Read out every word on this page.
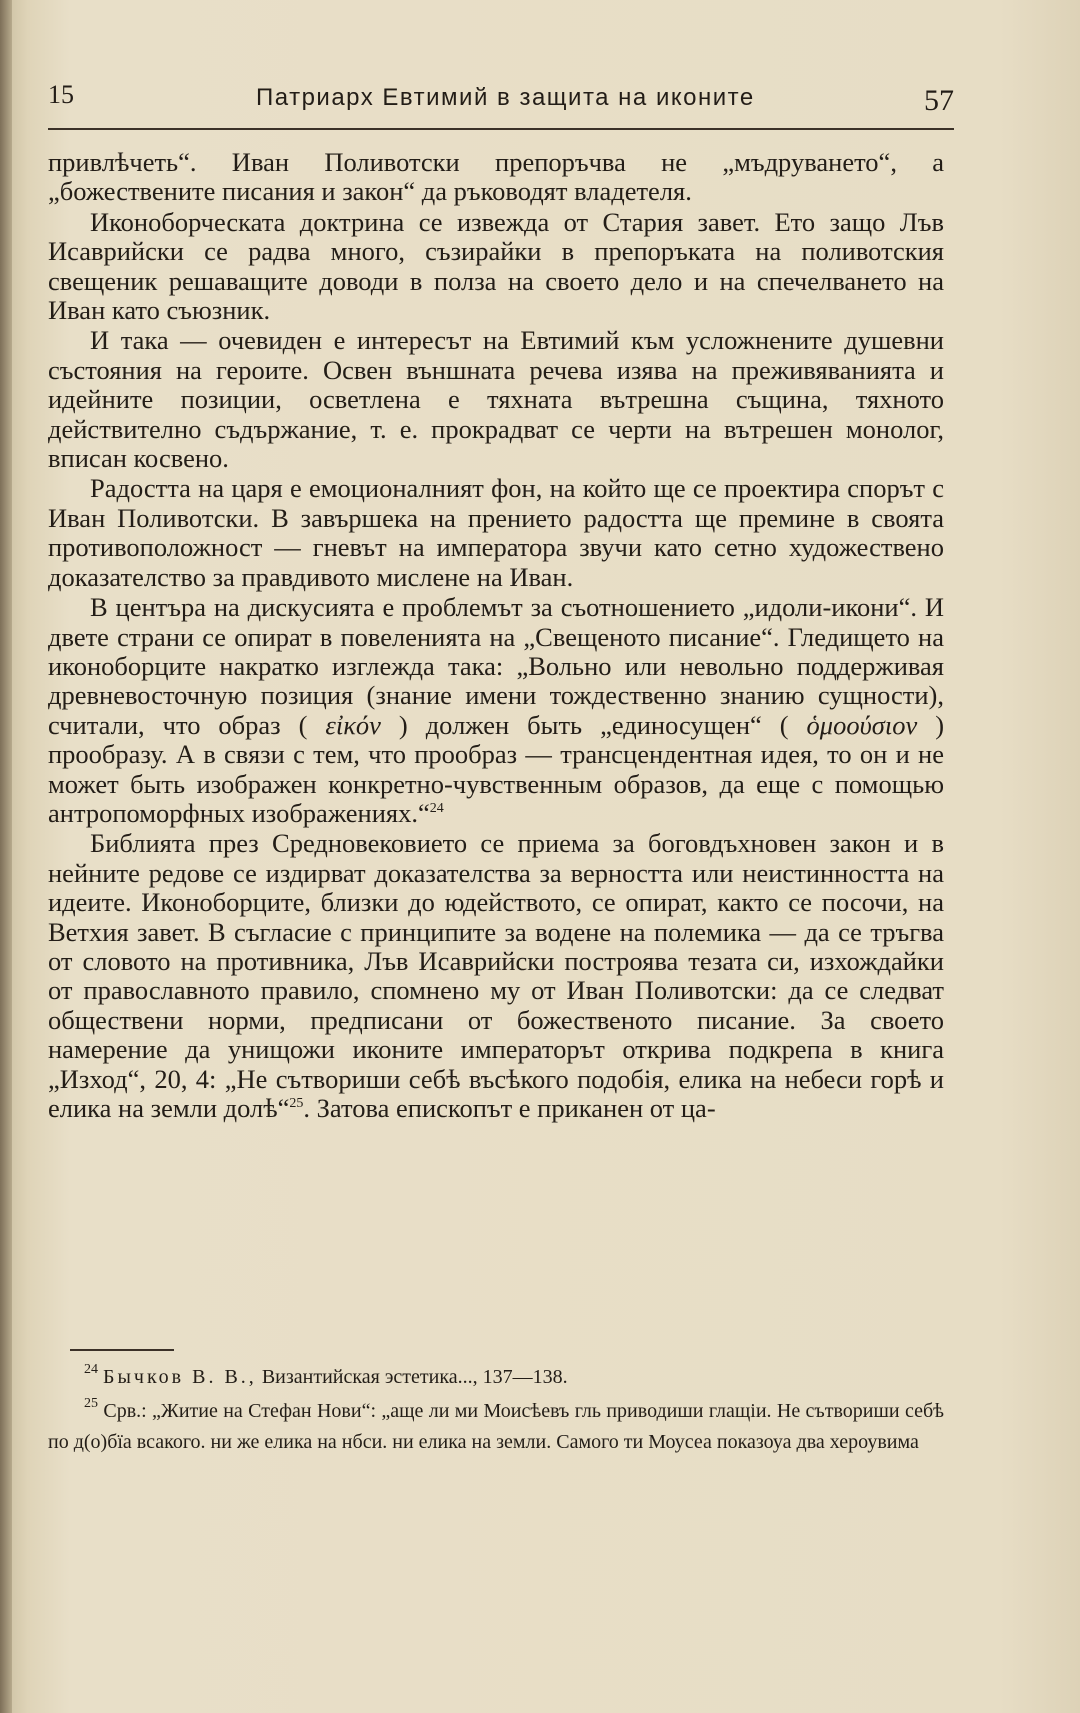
15	Патриарх Евтимий в защита на иконите	57

привлѣчеть“. Иван Поливотски препоръчва не „мъдруването“, а „божествените писания и закон“ да ръководят владетеля.

Иконоборческата доктрина се извежда от Стария завет. Ето защо Лъв Исаврийски се радва много, съзирайки в препоръката на поливотския свещеник решаващите доводи в полза на своето дело и на спечелването на Иван като съюзник.

И така — очевиден е интересът на Евтимий към усложнените душевни състояния на героите. Освен външната речева изява на преживяванията и идейните позиции, осветлена е тяхната вътрешна същина, тяхното действително съдържание, т. е. прокрадват се черти на вътрешен монолог, вписан косвено.

Радостта на царя е емоционалният фон, на който ще се проектира спорът с Иван Поливотски. В завършека на прението радостта ще премине в своята противоположност — гневът на императора звучи като сетно художествено доказателство за правдивото мислене на Иван.

В центъра на дискусията е проблемът за съотношението „идоли-икони“. И двете страни се опират в повеленията на „Свещеното писание“. Гледището на иконоборците накратко изглежда така: „Вольно или невольно поддерживая древневосточную позиция (знание имени тождественно знанию сущности), считали, что образ ( εἰκόν ) должен быть „единосущен“ ( ὁμοούσιον ) прообразу. А в связи с тем, что прообраз — трансцендентная идея, то он и не может быть изображен конкретно-чувственным образов, да еще с помощью антропоморфных изображениях.“$^{24}$

Библията през Средновековието се приема за боговдъхновен закон и в нейните редове се издирват доказателства за верността или неистинността на идеите. Иконоборците, близки до юдейството, се опират, както се посочи, на Ветхия завет. В съгласие с принципите за водене на полемика — да се тръгва от словото на противника, Лъв Исаврийски построява тезата си, изхождайки от православното правило, спомнено му от Иван Поливотски: да се следват обществени норми, предписани от божественото писание. За своето намерение да унищожи иконите императорът открива подкрепа в книга „Изход“, 20, 4: „Не сътвориши себѣ въсѣкого подобія, елика на небеси горѣ и елика на земли долѣ“$^{25}$. Затова епископът е приканен от ца-

$^{24}$ Бычков В. В., Византийская эстетика..., 137—138.

$^{25}$ Срв.: „Житие на Стефан Нови“: „аще ли ми Моисѣевъ гль приводиши глащіи. Не сътвориши себѣ по д(о)бїа всакого. ни же елика на нбси. ни елика на земли. Самого ти Моусеа показоуа два хероувима
